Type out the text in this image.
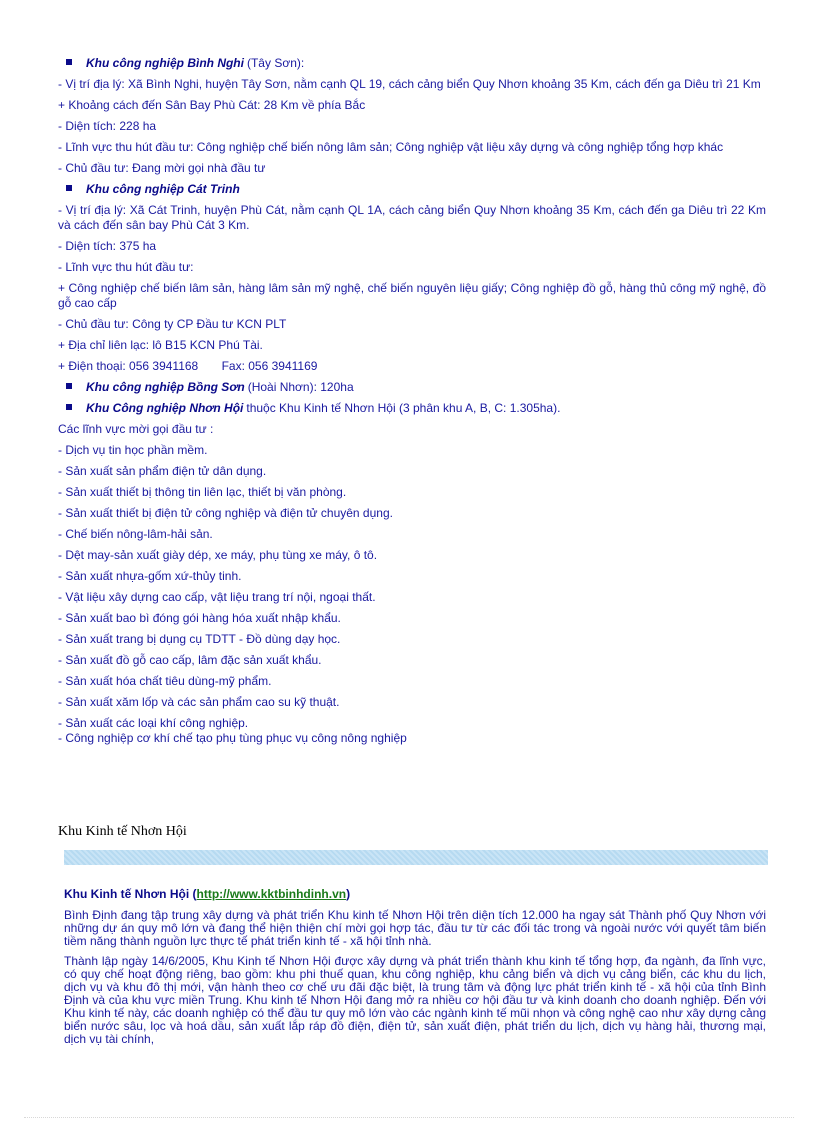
Khu công nghiệp Bình Nghi (Tây Sơn):
- Vị trí địa lý: Xã Bình Nghi, huyện Tây Sơn, nằm cạnh QL 19, cách cảng biển Quy Nhơn khoảng 35 Km, cách đến ga Diêu trì 21 Km
+ Khoảng cách đến Sân Bay Phù Cát: 28 Km về phía Bắc
- Diện tích: 228 ha
- Lĩnh vực thu hút đầu tư: Công nghiệp chế biến nông lâm sản; Công nghiệp vật liệu xây dựng và công nghiệp tổng hợp khác
- Chủ đầu tư: Đang mời gọi nhà đầu tư
Khu công nghiệp Cát Trinh
- Vị trí địa lý: Xã Cát Trinh, huyện Phù Cát, nằm cạnh QL 1A, cách cảng biển Quy Nhơn khoảng 35 Km, cách đến ga Diêu trì 22 Km và cách đến sân bay Phù Cát 3 Km.
- Diện tích: 375 ha
- Lĩnh vực thu hút đầu tư:
+ Công nghiệp chế biến lâm sản, hàng lâm sản mỹ nghệ, chế biến nguyên liệu giấy; Công nghiệp đồ gỗ, hàng thủ công mỹ nghệ, đồ gỗ cao cấp
- Chủ đầu tư: Công ty CP Đầu tư KCN PLT
+ Địa chỉ liên lạc: lô B15 KCN Phú Tài.
+ Điện thoại: 056 3941168       Fax: 056 3941169
Khu công nghiệp Bồng Sơn (Hoài Nhơn): 120ha
Khu Công nghiệp Nhơn Hội thuộc Khu Kinh tế Nhơn Hội (3 phân khu A, B, C: 1.305ha).
Các lĩnh vực mời gọi đầu tư :
- Dịch vụ tin học phần mềm.
- Sản xuất sản phẩm điện tử dân dụng.
- Sản xuất thiết bị thông tin liên lạc, thiết bị văn phòng.
- Sản xuất thiết bị điện tử công nghiệp và điện tử chuyên dụng.
- Chế biến nông-lâm-hải sản.
- Dệt may-sản xuất giày dép, xe máy, phụ tùng xe máy, ô tô.
- Sản xuất nhựa-gốm xứ-thủy tinh.
- Vật liệu xây dựng cao cấp, vật liệu trang trí nội, ngoại thất.
- Sản xuất bao bì đóng gói hàng hóa xuất nhập khẩu.
- Sản xuất trang bị dụng cụ TDTT - Đồ dùng dạy học.
- Sản xuất đồ gỗ cao cấp, lâm đặc sản xuất khẩu.
- Sản xuất hóa chất tiêu dùng-mỹ phẩm.
- Sản xuất xăm lốp và các sản phẩm cao su kỹ thuật.
- Sản xuất các loại khí công nghiệp.
- Công nghiệp cơ khí chế tạo phụ tùng phục vụ công nông nghiệp
Khu Kinh tế Nhơn Hội
Khu Kinh tế Nhơn Hội (http://www.kktbinhdinh.vn)

Bình Định đang tập trung xây dựng và phát triển Khu kinh tế Nhơn Hội trên diện tích 12.000 ha ngay sát Thành phố Quy Nhơn với những dự án quy mô lớn và đang thể hiện thiện chí mời gọi hợp tác, đầu tư từ các đối tác trong và ngoài nước với quyết tâm biến tiềm năng thành nguồn lực thực tế phát triển kinh tế - xã hội tỉnh nhà.

Thành lập ngày 14/6/2005, Khu Kinh tế Nhơn Hội được xây dựng và phát triển thành khu kinh tế tổng hợp, đa ngành, đa lĩnh vực, có quy chế hoạt động riêng, bao gồm: khu phi thuế quan, khu công nghiệp, khu cảng biển và dịch vụ cảng biển, các khu du lịch, dịch vụ và khu đô thị mới, vận hành theo cơ chế ưu đãi đặc biệt, là trung tâm và động lực phát triển kinh tế - xã hội của tỉnh Bình Định và của khu vực miền Trung. Khu kinh tế Nhơn Hội đang mở ra nhiều cơ hội đầu tư và kinh doanh cho doanh nghiệp. Đến với Khu kinh tế này, các doanh nghiệp có thể đầu tư quy mô lớn vào các ngành kinh tế mũi nhọn và công nghệ cao như xây dựng cảng biển nước sâu, lọc và hoá dầu, sản xuất lắp ráp đồ điện, điện tử, sản xuất điện, phát triển du lịch, dịch vụ hàng hải, thương mại, dịch vụ tài chính,
